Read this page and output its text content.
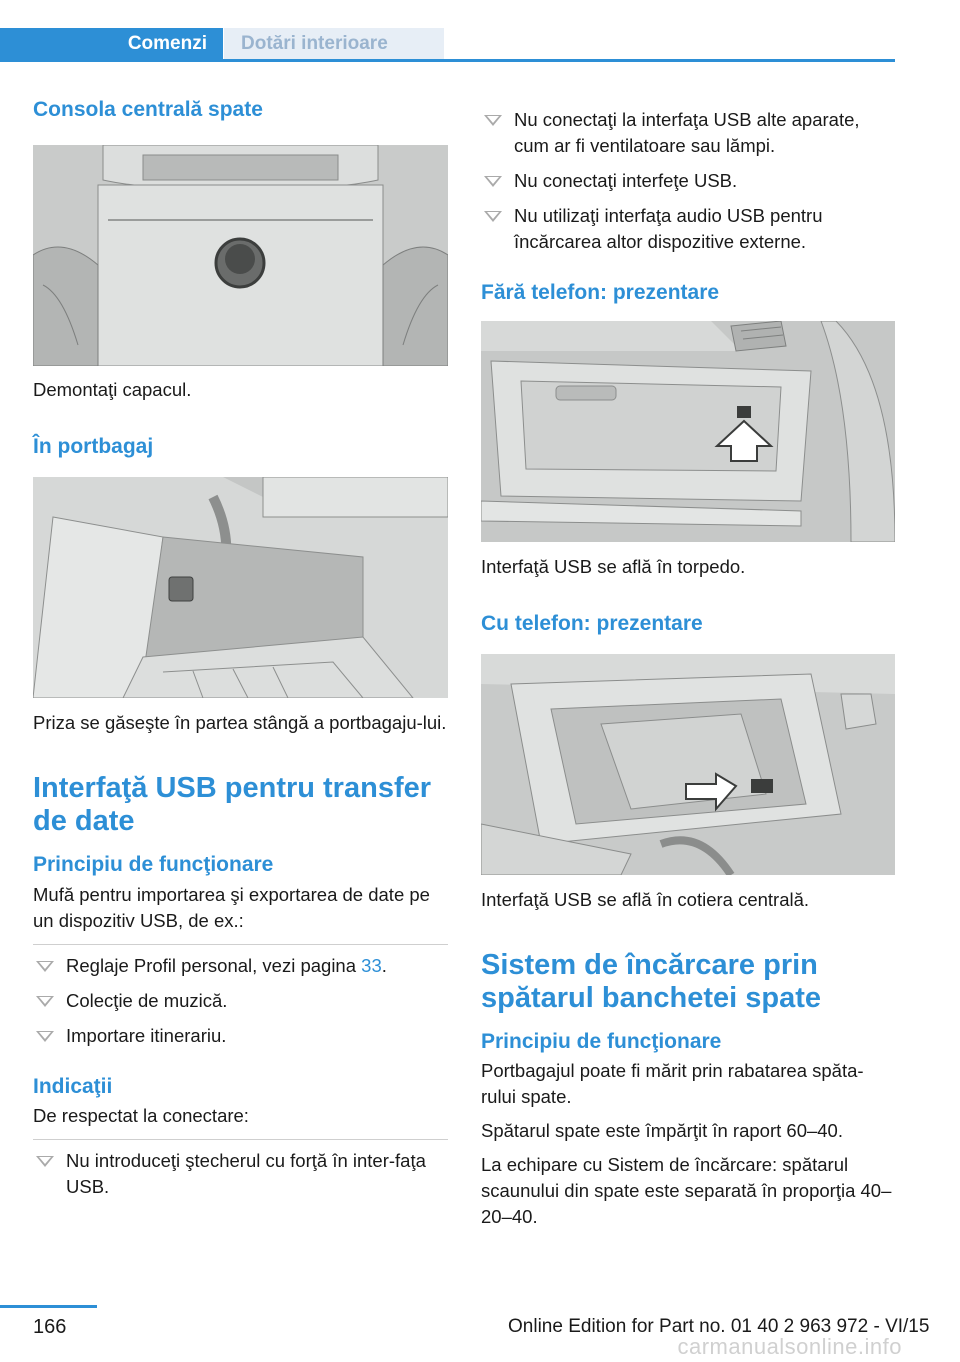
Comenzi	Dotări interioare
Consola centrală spate

Demontaţi capacul.

În portbagaj

Priza se găseşte în partea stângă a portbagaju‐lui.

Interfaţă USB pentru transfer de date
Principiu de funcţionare

Mufă pentru importarea şi exportarea de date pe un dispozitiv USB, de ex.:

Reglaje Profil personal, vezi pagina 33.
Colecţie de muzică.
Importare itinerariu.
Indicaţii

De respectat la conectare:

Nu introduceţi ştecherul cu forţă în inter‐faţa USB.
Nu conectaţi la interfaţa USB alte aparate, cum ar fi ventilatoare sau lămpi.
Nu conectaţi interfeţe USB.
Nu utilizaţi interfaţa audio USB pentru încărcarea altor dispozitive externe.
Fără telefon: prezentare

Interfaţă USB se află în torpedo.

Cu telefon: prezentare

Interfaţă USB se află în cotiera centrală.

Sistem de încărcare prin spătarul banchetei spate
Principiu de funcţionare

Portbagajul poate fi mărit prin rabatarea spăta‐rului spate.

Spătarul spate este împărţit în raport 60–40.

La echipare cu Sistem de încărcare: spătarul scaunului din spate este separată în proporţia 40–20–40.

166	Online Edition for Part no. 01 40 2 963 972 - VI/15
carmanualsonline.info
